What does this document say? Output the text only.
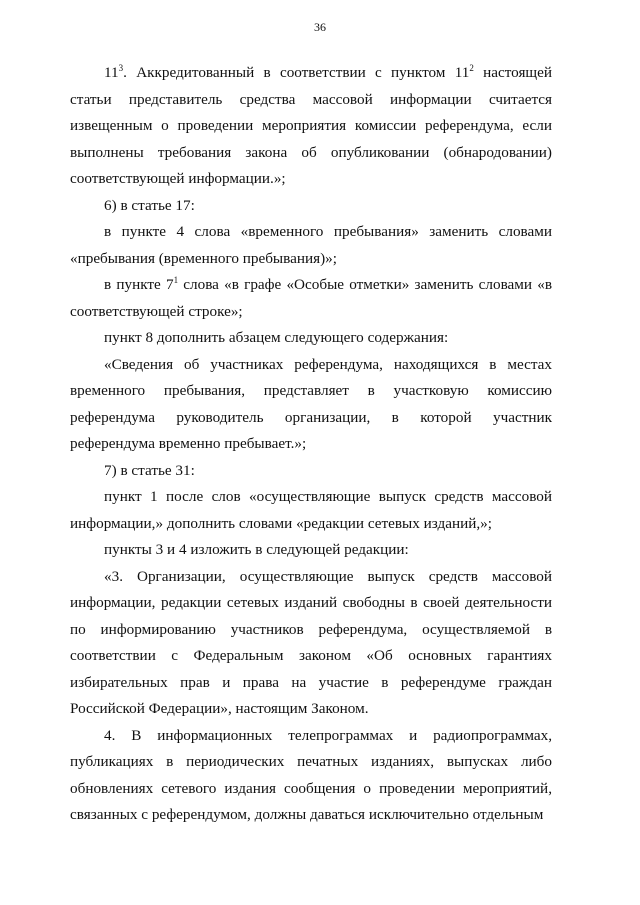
36

$11^3$. Аккредитованный в соответствии с пунктом $11^2$ настоящей статьи представитель средства массовой информации считается извещенным о проведении мероприятия комиссии референдума, если выполнены требования закона об опубликовании (обнародовании) соответствующей информации.»;

6) в статье 17:

в пункте 4 слова «временного пребывания» заменить словами «пребывания (временного пребывания)»;

в пункте $7^1$ слова «в графе «Особые отметки» заменить словами «в соответствующей строке»;

пункт 8 дополнить абзацем следующего содержания:

«Сведения об участниках референдума, находящихся в местах временного пребывания, представляет в участковую комиссию референдума руководитель организации, в которой участник референдума временно пребывает.»;

7) в статье 31:

пункт 1 после слов «осуществляющие выпуск средств массовой информации,» дополнить словами «редакции сетевых изданий,»;

пункты 3 и 4 изложить в следующей редакции:

«3. Организации, осуществляющие выпуск средств массовой информации, редакции сетевых изданий свободны в своей деятельности по информированию участников референдума, осуществляемой в соответствии с Федеральным законом «Об основных гарантиях избирательных прав и права на участие в референдуме граждан Российской Федерации», настоящим Законом.

4. В информационных телепрограммах и радиопрограммах, публикациях в периодических печатных изданиях, выпусках либо обновлениях сетевого издания сообщения о проведении мероприятий, связанных с референдумом, должны даваться исключительно отдельным
